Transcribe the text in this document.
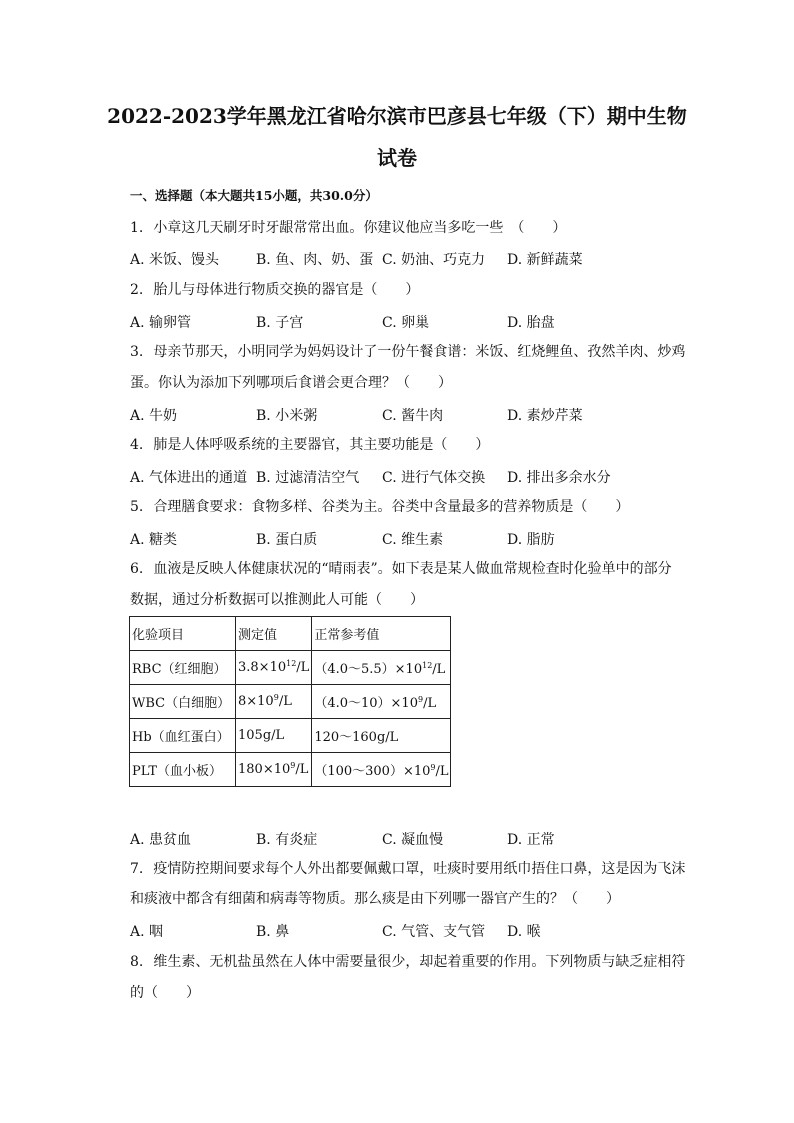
2022-2023学年黑龙江省哈尔滨市巴彦县七年级（下）期中生物
试卷
一、选择题（本大题共15小题，共30.0分）
1. 小章这几天刷牙时牙龈常常出血。你建议他应当多吃一些　（　　）
A. 米饭、馒头	B. 鱼、肉、奶、蛋 C. 奶油、巧克力 D. 新鲜蔬菜
2. 胎儿与母体进行物质交换的器官是（　　）
A. 输卵管	B. 子宫	C. 卵巢	D. 胎盘
3. 母亲节那天，小明同学为妈妈设计了一份午餐食谱：米饭、红烧鲤鱼、孜然羊肉、炒鸡
蛋。你认为添加下列哪项后食谱会更合理？（　　）
A. 牛奶	B. 小米粥	C. 酱牛肉	D. 素炒芹菜
4. 肺是人体呼吸系统的主要器官，其主要功能是（　　）
A. 气体进出的通道 B. 过滤清洁空气 C. 进行气体交换 D. 排出多余水分
5. 合理膳食要求：食物多样、谷类为主。谷类中含量最多的营养物质是（　　）
A. 糖类	B. 蛋白质	C. 维生素	D. 脂肪
6. 血液是反映人体健康状况的“晴雨表”。如下表是某人做血常规检查时化验单中的部分
数据，通过分析数据可以推测此人可能（　　）
化验项目	测定值	正常参考值
RBC（红细胞）	$3.8\times 10^{12}/L$	$(4.0\sim 5.5)\times 10^{12}/L$
WBC（白细胞）	$8\times 10^9/L$	$(4.0\sim 10)\times 10^9/L$
Hb（血红蛋白）	105g/L	120～160g/L
PLT（血小板）	$180\times 10^9/L$	$(100\sim 300)\times 10^9/L$
A. 患贫血	B. 有炎症	C. 凝血慢	D. 正常
7. 疫情防控期间要求每个人外出都要佩戴口罩，吐痰时要用纸巾捂住口鼻，这是因为飞沫
和痰液中都含有细菌和病毒等物质。那么痰是由下列哪一器官产生的？（　　）
A. 咽	B. 鼻	C. 气管、支气管 D. 喉
8. 维生素、无机盐虽然在人体中需要量很少，却起着重要的作用。下列物质与缺乏症相符
的（　　）
